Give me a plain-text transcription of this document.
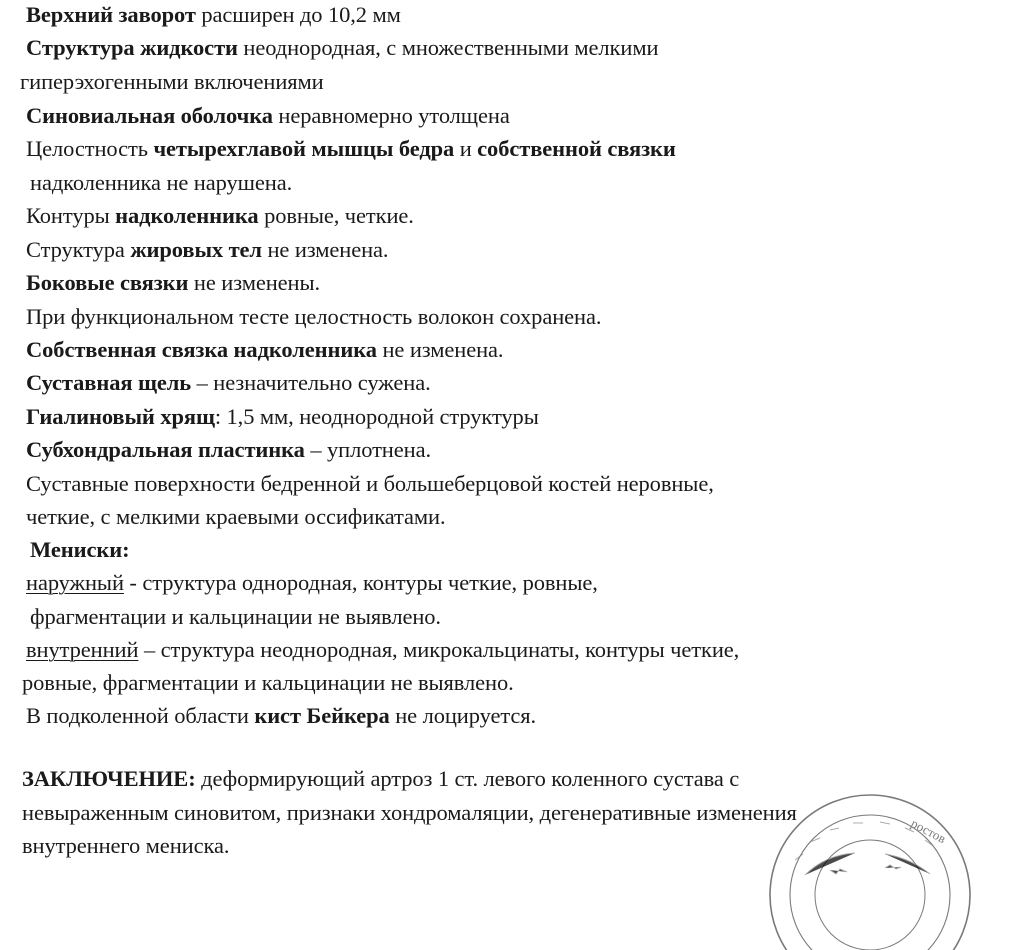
Верхний заворот расширен до 10,2 мм

Структура жидкости неоднородная, с множественными мелкими

гиперэхогенными включениями

Синовиальная оболочка неравномерно утолщена

Целостность четырехглавой мышцы бедра и собственной связки

надколенника не нарушена.

Контуры надколенника ровные, четкие.

Структура жировых тел не изменена.

Боковые связки не изменены.

При функциональном тесте целостность волокон сохранена.

Собственная связка надколенника не изменена.

Суставная щель – незначительно сужена.

Гиалиновый хрящ: 1,5 мм, неоднородной структуры

Субхондральная пластинка – уплотнена.

Суставные поверхности бедренной и большеберцовой костей неровные,

четкие, с мелкими краевыми оссификатами.

Мениски:

наружный - структура однородная, контуры четкие, ровные,

фрагментации и кальцинации не выявлено.

внутренний – структура неоднородная, микрокальцинаты, контуры четкие,

ровные, фрагментации и кальцинации не выявлено.

В подколенной области кист Бейкера не лоцируется.

ЗАКЛЮЧЕНИЕ: деформирующий артроз 1 ст. левого коленного сустава с

невыраженным синовитом, признаки хондромаляции, дегенеративные изменения

внутреннего мениска.	ростов
